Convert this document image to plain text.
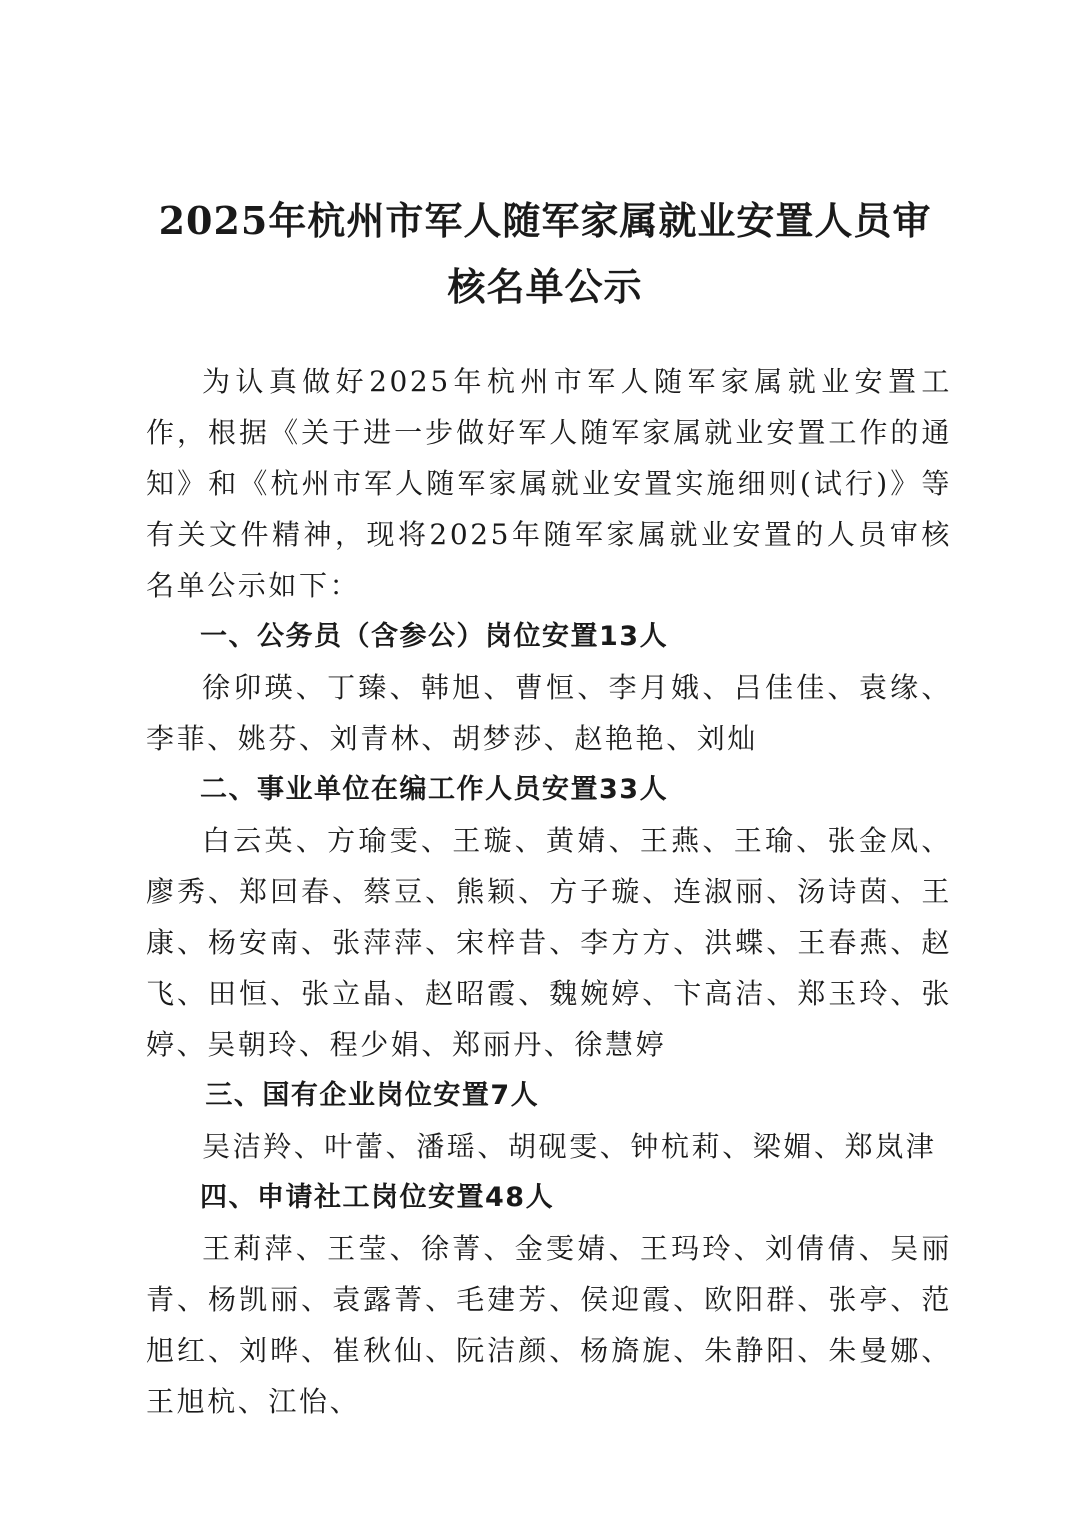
2025年杭州市军人随军家属就业安置人员审
核名单公示

为认真做好2025年杭州市军人随军家属就业安置工作，根据《关于进一步做好军人随军家属就业安置工作的通知》和《杭州市军人随军家属就业安置实施细则(试行)》等有关文件精神，现将2025年随军家属就业安置的人员审核名单公示如下：

一、公务员（含参公）岗位安置13人

徐卯瑛、丁臻、韩旭、曹恒、李月娥、吕佳佳、袁缘、李菲、姚芬、刘青林、胡梦莎、赵艳艳、刘灿

二、事业单位在编工作人员安置33人

白云英、方瑜雯、王璇、黄婧、王燕、王瑜、张金凤、廖秀、郑回春、蔡豆、熊颖、方子璇、连淑丽、汤诗茵、王康、杨安南、张萍萍、宋梓昔、李方方、洪蝶、王春燕、赵飞、田恒、张立晶、赵昭霞、魏婉婷、卞高洁、郑玉玲、张婷、吴朝玲、程少娟、郑丽丹、徐慧婷

三、国有企业岗位安置7人

吴洁羚、叶蕾、潘瑶、胡砚雯、钟杭莉、梁媚、郑岚津

四、申请社工岗位安置48人

王莉萍、王莹、徐菁、金雯婧、王玛玲、刘倩倩、吴丽青、杨凯丽、袁露菁、毛建芳、侯迎霞、欧阳群、张亭、范旭红、刘晔、崔秋仙、阮洁颜、杨旖旎、朱静阳、朱曼娜、王旭杭、江怡、
